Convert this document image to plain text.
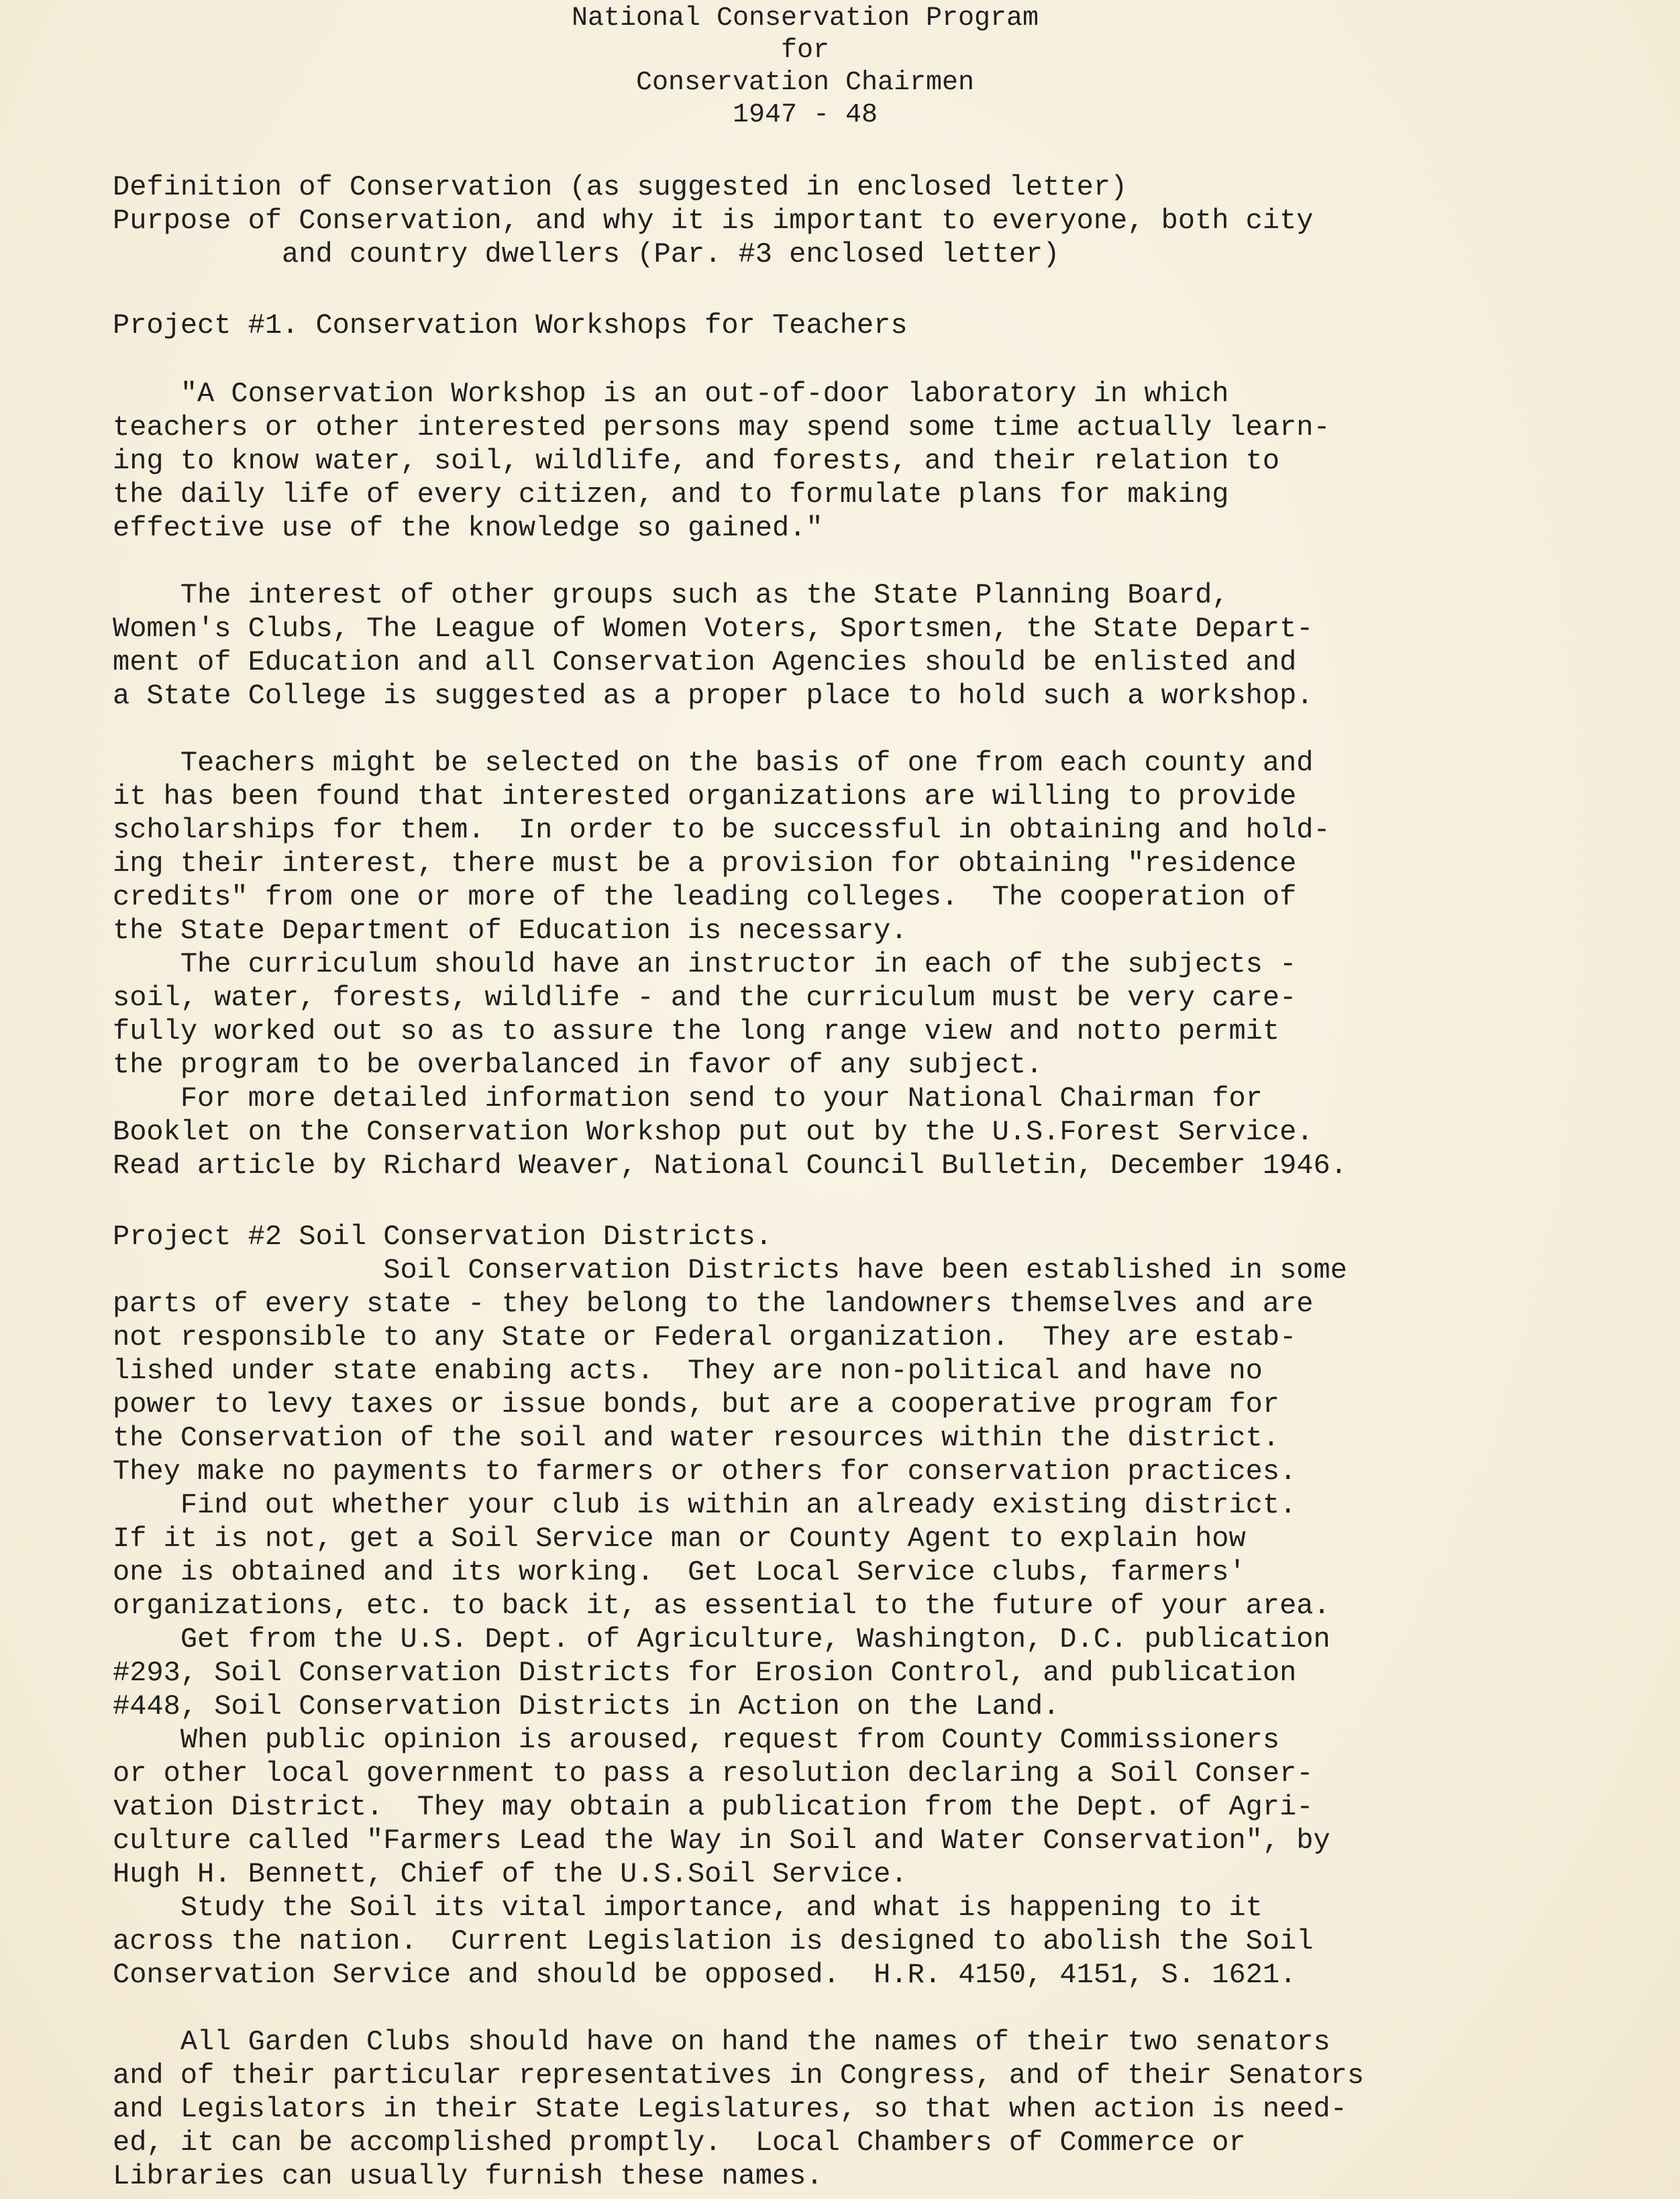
National Conservation Program
for
Conservation Chairmen
1947 - 48
Definition of Conservation (as suggested in enclosed letter)
Purpose of Conservation, and why it is important to everyone, both city
and country dwellers (Par. #3 enclosed letter)
Project #1. Conservation Workshops for Teachers
"A Conservation Workshop is an out-of-door laboratory in which
teachers or other interested persons may spend some time actually learn-
ing to know water, soil, wildlife, and forests, and their relation to
the daily life of every citizen, and to formulate plans for making
effective use of the knowledge so gained."
The interest of other groups such as the State Planning Board,
Women's Clubs, The League of Women Voters, Sportsmen, the State Depart-
ment of Education and all Conservation Agencies should be enlisted and
a State College is suggested as a proper place to hold such a workshop.
Teachers might be selected on the basis of one from each county and
it has been found that interested organizations are willing to provide
scholarships for them.  In order to be successful in obtaining and hold-
ing their interest, there must be a provision for obtaining "residence
credits" from one or more of the leading colleges.  The cooperation of
the State Department of Education is necessary.
The curriculum should have an instructor in each of the subjects -
soil, water, forests, wildlife - and the curriculum must be very care-
fully worked out so as to assure the long range view and notto permit
the program to be overbalanced in favor of any subject.
For more detailed information send to your National Chairman for
Booklet on the Conservation Workshop put out by the U.S.Forest Service.
Read article by Richard Weaver, National Council Bulletin, December 1946.
Project #2 Soil Conservation Districts.
Soil Conservation Districts have been established in some
parts of every state - they belong to the landowners themselves and are
not responsible to any State or Federal organization.  They are estab-
lished under state enabing acts.  They are non-political and have no
power to levy taxes or issue bonds, but are a cooperative program for
the Conservation of the soil and water resources within the district.
They make no payments to farmers or others for conservation practices.
Find out whether your club is within an already existing district.
If it is not, get a Soil Service man or County Agent to explain how
one is obtained and its working.  Get Local Service clubs, farmers'
organizations, etc. to back it, as essential to the future of your area.
Get from the U.S. Dept. of Agriculture, Washington, D.C. publication
#293, Soil Conservation Districts for Erosion Control, and publication
#448, Soil Conservation Districts in Action on the Land.
When public opinion is aroused, request from County Commissioners
or other local government to pass a resolution declaring a Soil Conser-
vation District.  They may obtain a publication from the Dept. of Agri-
culture called "Farmers Lead the Way in Soil and Water Conservation", by
Hugh H. Bennett, Chief of the U.S.Soil Service.
Study the Soil its vital importance, and what is happening to it
across the nation.  Current Legislation is designed to abolish the Soil
Conservation Service and should be opposed.  H.R. 4150, 4151, S. 1621.
All Garden Clubs should have on hand the names of their two senators
and of their particular representatives in Congress, and of their Senators
and Legislators in their State Legislatures, so that when action is need-
ed, it can be accomplished promptly.  Local Chambers of Commerce or
Libraries can usually furnish these names.
